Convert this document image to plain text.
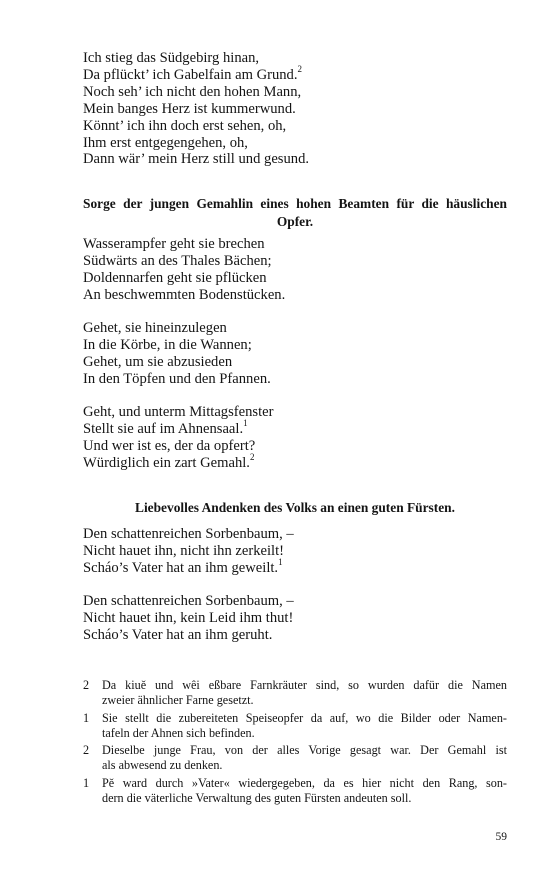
Ich stieg das Südgebirg hinan,
Da pflückt’ ich Gabelfain am Grund.$^2$
Noch seh’ ich nicht den hohen Mann,
Mein banges Herz ist kummerwund.
Könnt’ ich ihn doch erst sehen, oh,
Ihm erst entgegengehen, oh,
Dann wär’ mein Herz still und gesund.
Sorge der jungen Gemahlin eines hohen Beamten für die häuslichen
Opfer.
Wasserampfer geht sie brechen
Südwärts an des Thales Bächen;
Doldennarfen geht sie pflücken
An beschwemmten Bodenstücken.
Gehet, sie hineinzulegen
In die Körbe, in die Wannen;
Gehet, um sie abzusieden
In den Töpfen und den Pfannen.
Geht, und unterm Mittagsfenster
Stellt sie auf im Ahnensaal.$^1$
Und wer ist es, der da opfert?
Würdiglich ein zart Gemahl.$^2$
Liebevolles Andenken des Volks an einen guten Fürsten.
Den schattenreichen Sorbenbaum, –
Nicht hauet ihn, nicht ihn zerkeilt!
Scháo’s Vater hat an ihm geweilt.$^1$
Den schattenreichen Sorbenbaum, –
Nicht hauet ihn, kein Leid ihm thut!
Scháo’s Vater hat an ihm geruht.
2 Da kiuě und wêi eßbare Farnkräuter sind, so wurden dafür die Namen
zweier ähnlicher Farne gesetzt.
1 Sie stellt die zubereiteten Speiseopfer da auf, wo die Bilder oder Namen-
tafeln der Ahnen sich befinden.
2 Dieselbe junge Frau, von der alles Vorige gesagt war. Der Gemahl ist
als abwesend zu denken.
1 Pě ward durch »Vater« wiedergegeben, da es hier nicht den Rang, son-
dern die väterliche Verwaltung des guten Fürsten andeuten soll.
59
